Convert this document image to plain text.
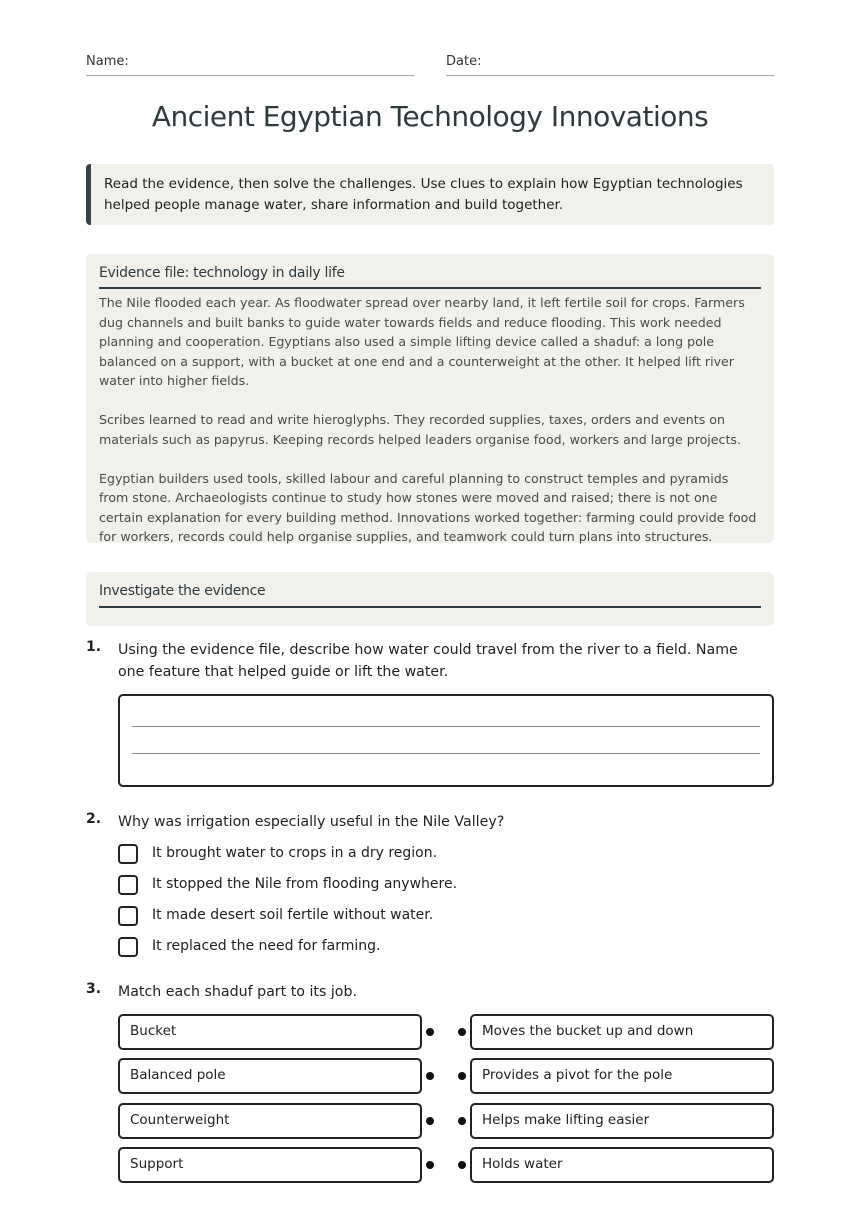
Name:	Date:
Ancient Egyptian Technology Innovations
Read the evidence, then solve the challenges. Use clues to explain how Egyptian technologies helped people manage water, share information and build together.
Evidence file: technology in daily life

The Nile flooded each year. As floodwater spread over nearby land, it left fertile soil for crops. Farmers dug channels and built banks to guide water towards fields and reduce flooding. This work needed planning and cooperation. Egyptians also used a simple lifting device called a shaduf: a long pole balanced on a support, with a bucket at one end and a counterweight at the other. It helped lift river water into higher fields.

Scribes learned to read and write hieroglyphs. They recorded supplies, taxes, orders and events on materials such as papyrus. Keeping records helped leaders organise food, workers and large projects.

Egyptian builders used tools, skilled labour and careful planning to construct temples and pyramids from stone. Archaeologists continue to study how stones were moved and raised; there is not one certain explanation for every building method. Innovations worked together: farming could provide food for workers, records could help organise supplies, and teamwork could turn plans into structures.

Investigate the evidence
1. Using the evidence file, describe how water could travel from the river to a field. Name one feature that helped guide or lift the water.
2. Why was irrigation especially useful in the Nile Valley?
It brought water to crops in a dry region.
It stopped the Nile from flooding anywhere.
It made desert soil fertile without water.
It replaced the need for farming.
3. Match each shaduf part to its job.
Bucket	Moves the bucket up and down
Balanced pole	Provides a pivot for the pole
Counterweight	Helps make lifting easier
Support	Holds water
